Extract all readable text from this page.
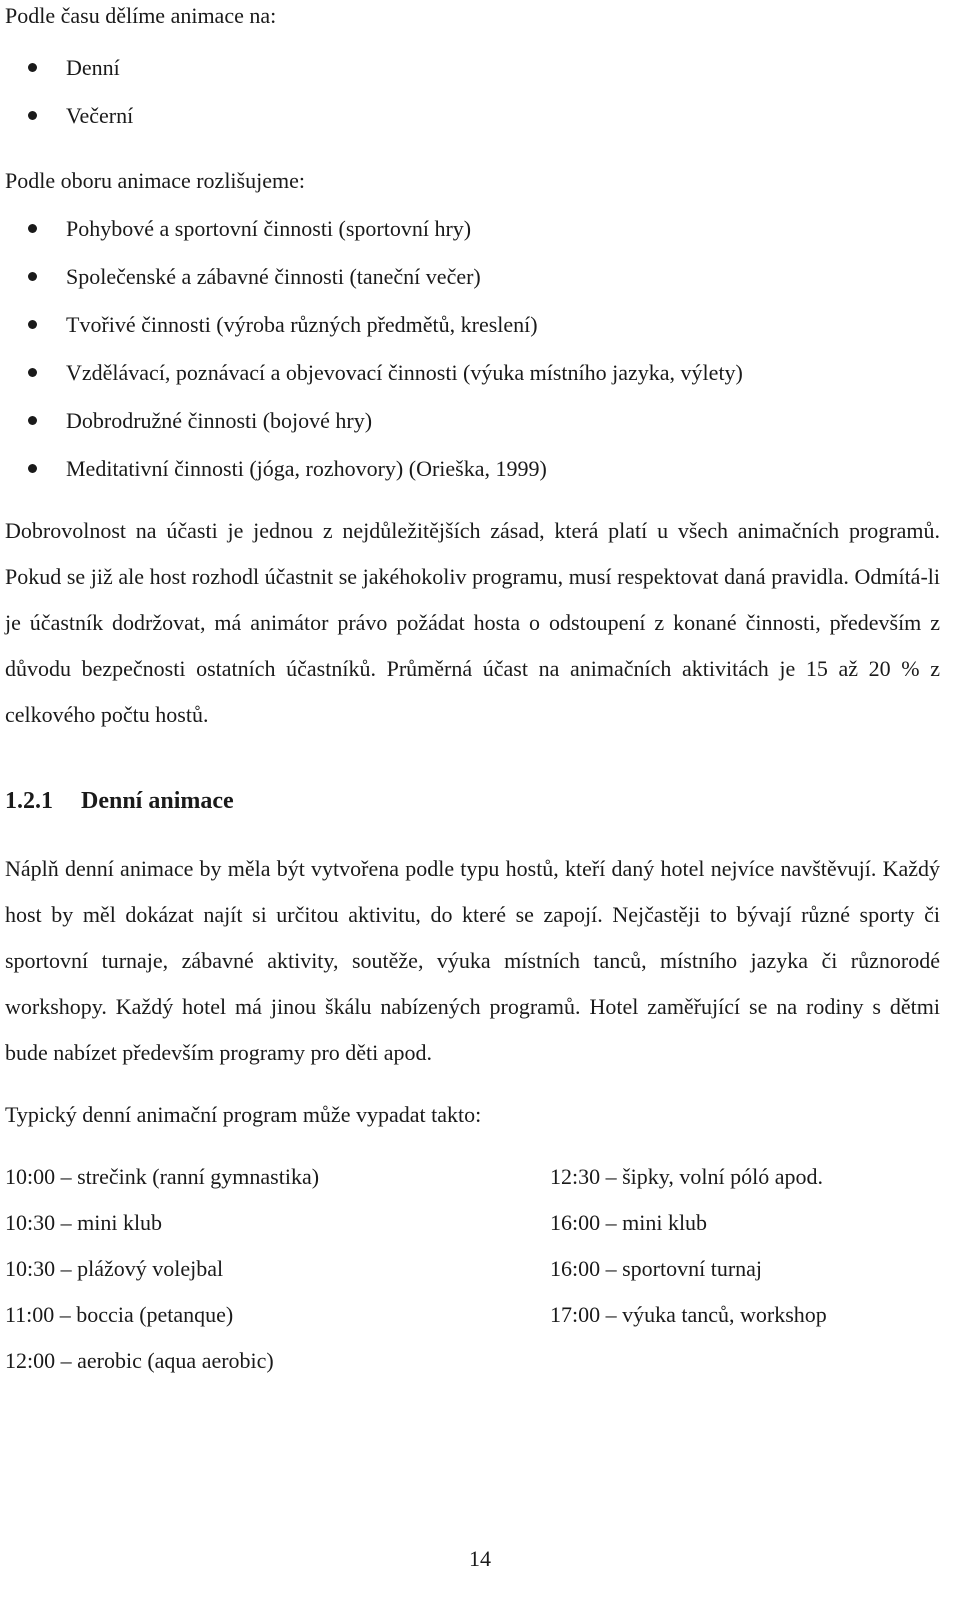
Podle času dělíme animace na:

Denní
Večerní

Podle oboru animace rozlišujeme:

Pohybové a sportovní činnosti (sportovní hry)
Společenské a zábavné činnosti (taneční večer)
Tvořivé činnosti (výroba různých předmětů, kreslení)
Vzdělávací, poznávací a objevovací činnosti (výuka místního jazyka, výlety)
Dobrodružné činnosti (bojové hry)
Meditativní činnosti (jóga, rozhovory) (Orieška, 1999)

Dobrovolnost na účasti je jednou z nejdůležitějších zásad, která platí u všech animačních programů. Pokud se již ale host rozhodl účastnit se jakéhokoliv programu, musí respektovat daná pravidla. Odmítá-li je účastník dodržovat, má animátor právo požádat hosta o odstoupení z konané činnosti, především z důvodu bezpečnosti ostatních účastníků. Průměrná účast na animačních aktivitách je 15 až 20 % z celkového počtu hostů.

1.2.1 Denní animace

Náplň denní animace by měla být vytvořena podle typu hostů, kteří daný hotel nejvíce navštěvují. Každý host by měl dokázat najít si určitou aktivitu, do které se zapojí. Nejčastěji to bývají různé sporty či sportovní turnaje, zábavné aktivity, soutěže, výuka místních tanců, místního jazyka či různorodé workshopy. Každý hotel má jinou škálu nabízených programů. Hotel zaměřující se na rodiny s dětmi bude nabízet především programy pro děti apod.

Typický denní animační program může vypadat takto:

10:00 – strečink (ranní gymnastika)
10:30 – mini klub
10:30 – plážový volejbal
11:00 – boccia (petanque)
12:00 – aerobic (aqua aerobic)
12:30 – šipky, volní póló apod.
16:00 – mini klub
16:00 – sportovní turnaj
17:00 – výuka tanců, workshop
14
